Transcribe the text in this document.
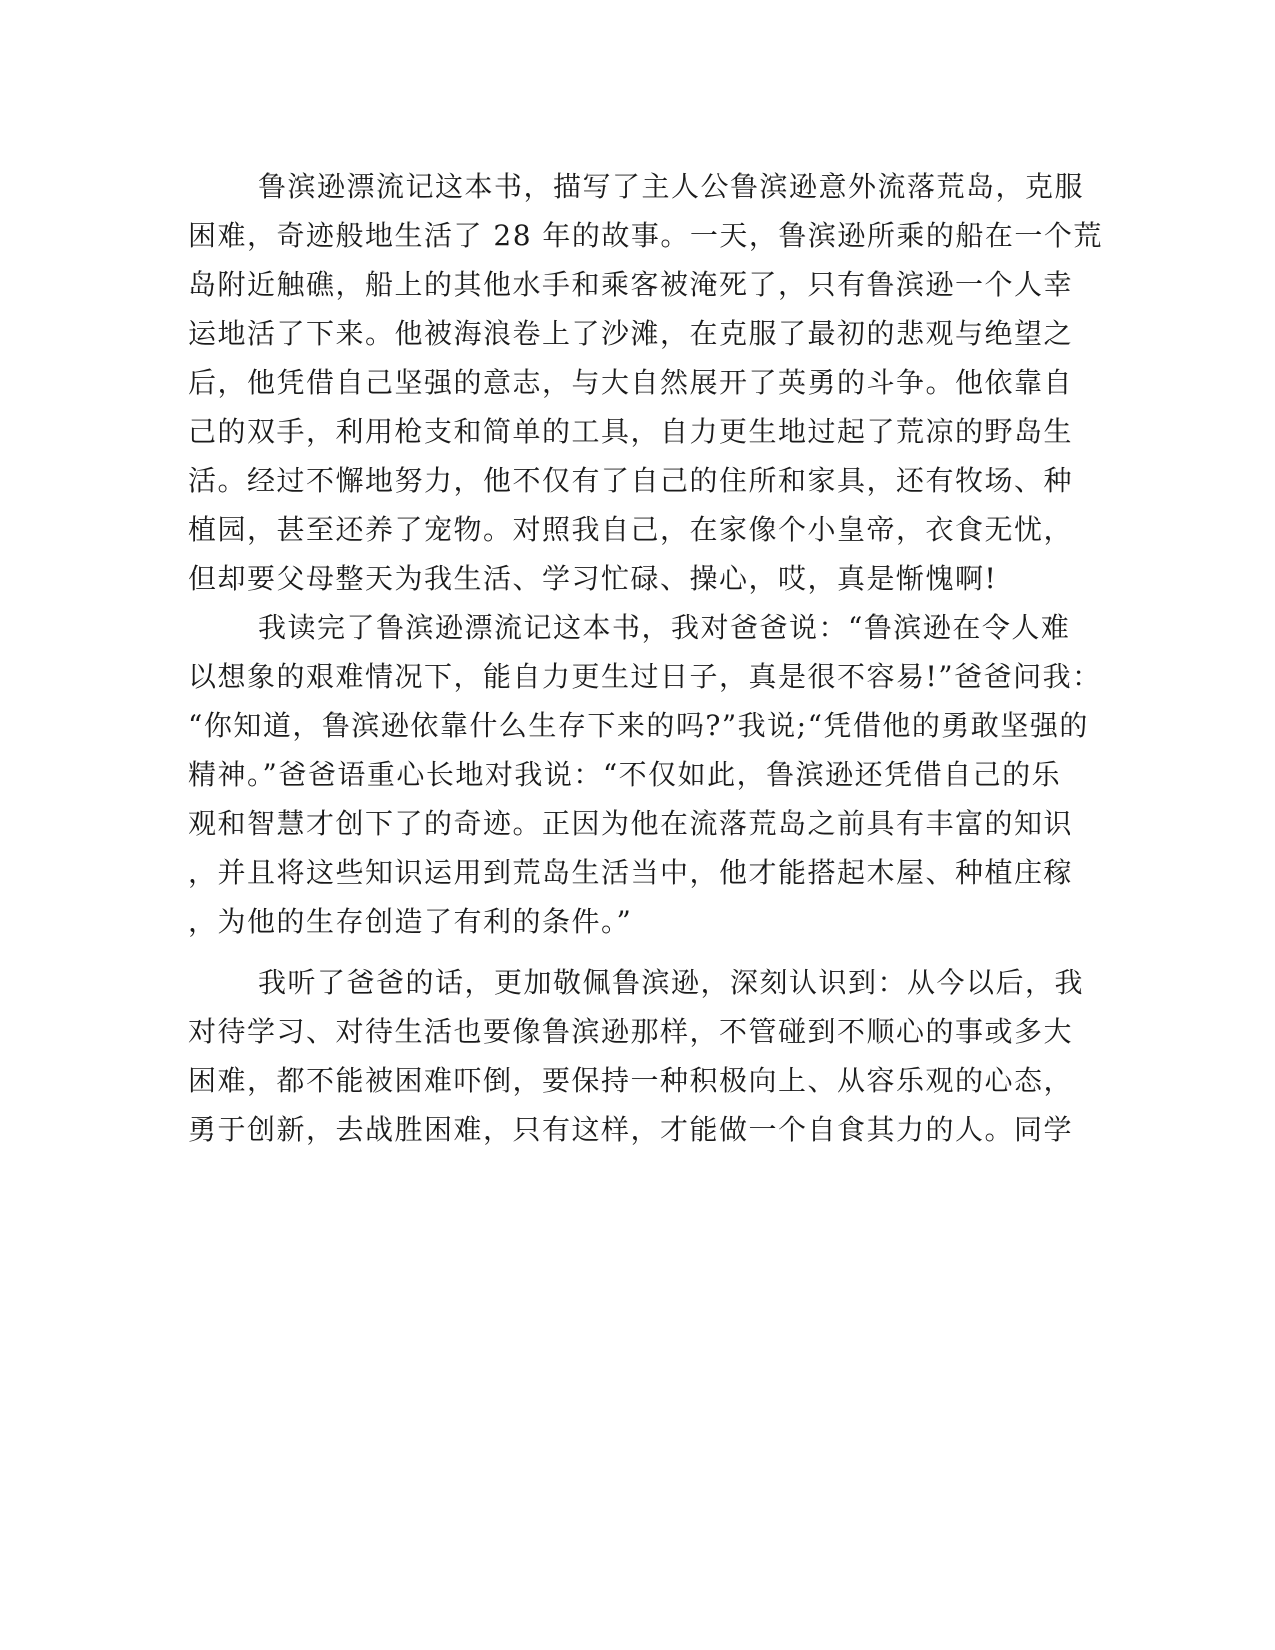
鲁滨逊漂流记这本书，描写了主人公鲁滨逊意外流落荒岛，克服
困难，奇迹般地生活了 28 年的故事。一天，鲁滨逊所乘的船在一个荒
岛附近触礁，船上的其他水手和乘客被淹死了，只有鲁滨逊一个人幸
运地活了下来。他被海浪卷上了沙滩，在克服了最初的悲观与绝望之
后，他凭借自己坚强的意志，与大自然展开了英勇的斗争。他依靠自
己的双手，利用枪支和简单的工具，自力更生地过起了荒凉的野岛生
活。经过不懈地努力，他不仅有了自己的住所和家具，还有牧场、种
植园，甚至还养了宠物。对照我自己，在家像个小皇帝，衣食无忧，
但却要父母整天为我生活、学习忙碌、操心，哎，真是惭愧啊!
我读完了鲁滨逊漂流记这本书，我对爸爸说：“鲁滨逊在令人难
以想象的艰难情况下，能自力更生过日子，真是很不容易!”爸爸问我：
“你知道，鲁滨逊依靠什么生存下来的吗?”我说;“凭借他的勇敢坚强的
精神。”爸爸语重心长地对我说：“不仅如此，鲁滨逊还凭借自己的乐
观和智慧才创下了的奇迹。正因为他在流落荒岛之前具有丰富的知识
，并且将这些知识运用到荒岛生活当中，他才能搭起木屋、种植庄稼
，为他的生存创造了有利的条件。”
我听了爸爸的话，更加敬佩鲁滨逊，深刻认识到：从今以后，我
对待学习、对待生活也要像鲁滨逊那样，不管碰到不顺心的事或多大
困难，都不能被困难吓倒，要保持一种积极向上、从容乐观的心态，
勇于创新，去战胜困难，只有这样，才能做一个自食其力的人。同学
